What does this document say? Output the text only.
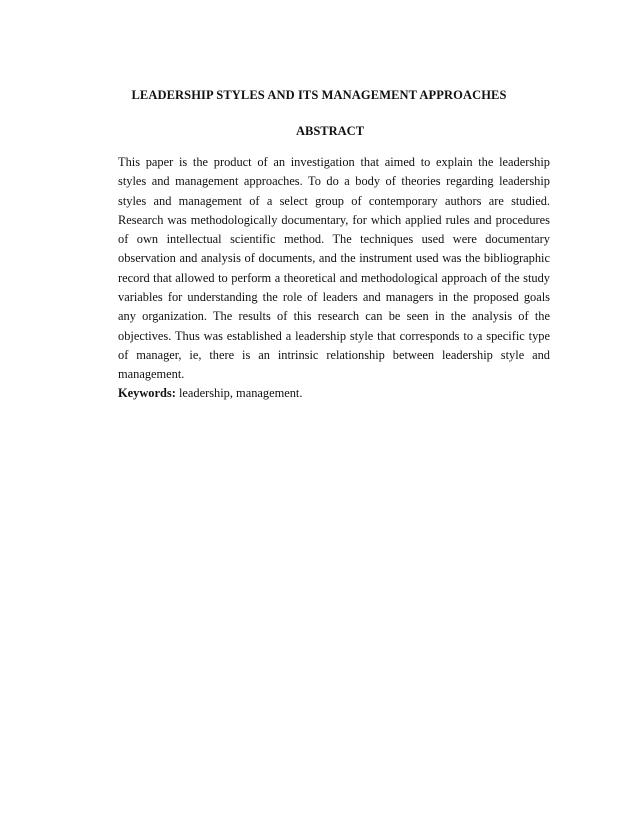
LEADERSHIP STYLES AND ITS MANAGEMENT APPROACHES
ABSTRACT
This paper is the product of an investigation that aimed to explain the leadership
styles and management approaches. To do a body of theories regarding leadership
styles and management of a select group of contemporary authors are studied.
Research was methodologically documentary, for which applied rules and procedures
of own intellectual scientific method. The techniques used were documentary
observation and analysis of documents, and the instrument used was the bibliographic
record that allowed to perform a theoretical and methodological approach of the study
variables for understanding the role of leaders and managers in the proposed goals
any organization. The results of this research can be seen in the analysis of the
objectives. Thus was established a leadership style that corresponds to a specific type
of manager, ie, there is an intrinsic relationship between leadership style and
management.
Keywords: leadership, management.
